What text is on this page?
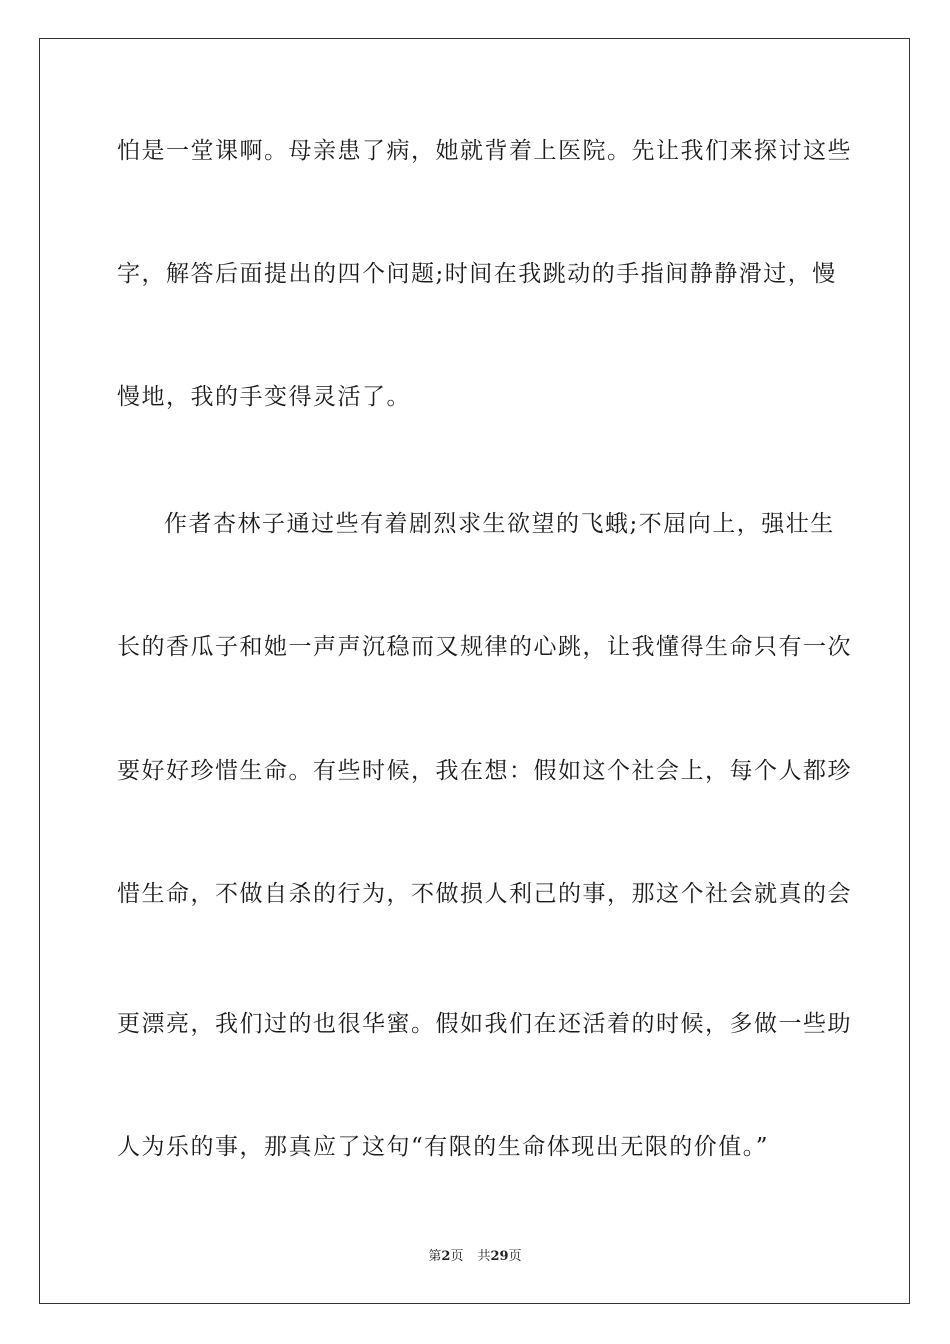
怕是一堂课啊。母亲患了病，她就背着上医院。先让我们来探讨这些
字，解答后面提出的四个问题;时间在我跳动的手指间静静滑过，慢
慢地，我的手变得灵活了。
作者杏林子通过些有着剧烈求生欲望的飞蛾;不屈向上，强壮生
长的香瓜子和她一声声沉稳而又规律的心跳，让我懂得生命只有一次
要好好珍惜生命。有些时候，我在想：假如这个社会上，每个人都珍
惜生命，不做自杀的行为，不做损人利己的事，那这个社会就真的会
更漂亮，我们过的也很华蜜。假如我们在还活着的时候，多做一些助
人为乐的事，那真应了这句“有限的生命体现出无限的价值。”
第2页 共29页
